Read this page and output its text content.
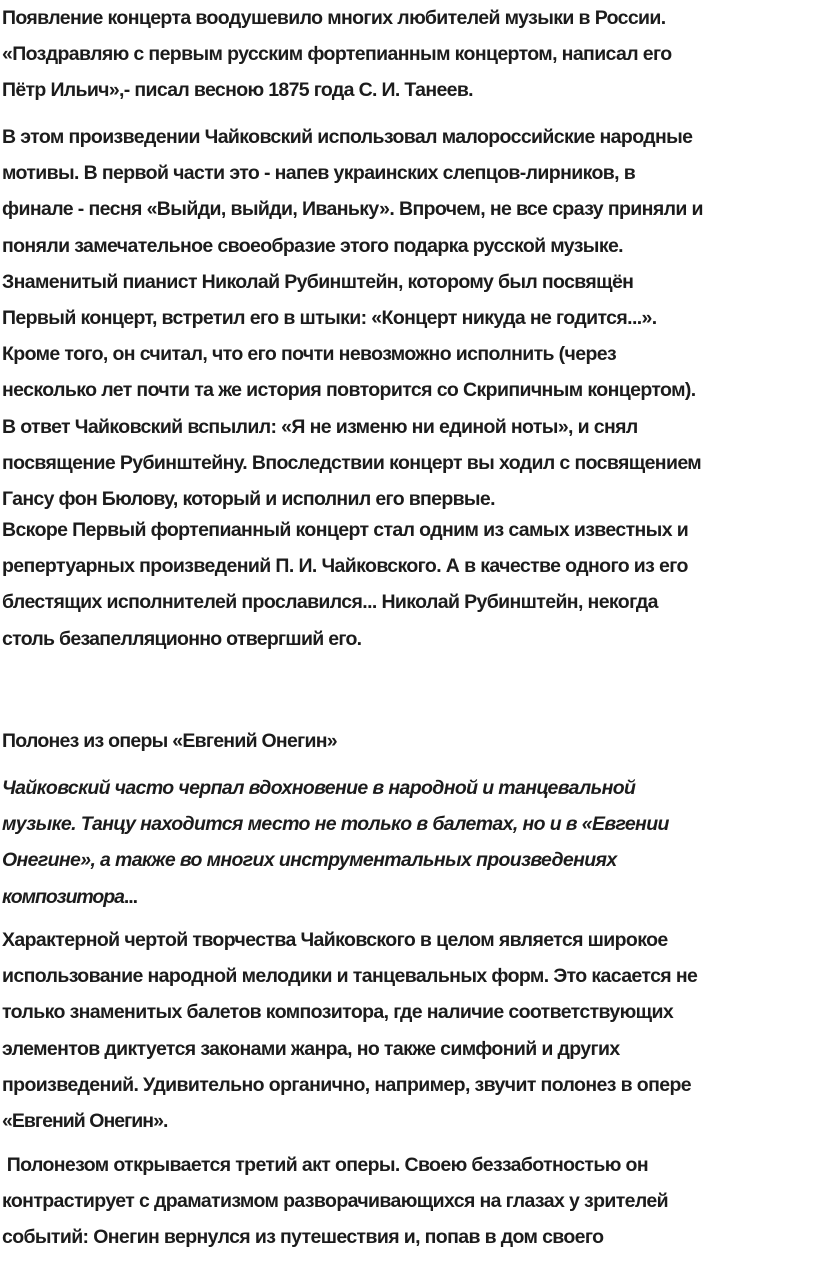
Появление концерта воодушевило многих любителей музыки в России.
«Поздравляю с первым русским фортепианным концертом, написал его
Пётр Ильич»,- писал весною 1875 года С. И. Танеев.

В этом произведении Чайковский использовал малороссийские народные
мотивы. В первой части это - напев украинских слепцов-лирников, в
финале - песня «Выйди, выйди, Иваньку». Впрочем, не все сразу приняли и
поняли замечательное своеобразие этого подарка русской музыке.
Знаменитый пианист Николай Рубинштейн, которому был посвящён
Первый концерт, встретил его в штыки: «Концерт никуда не годится...».
Кроме того, он считал, что его почти невозможно исполнить (через
несколько лет почти та же история повторится со Скрипичным концертом).
В ответ Чайковский вспылил: «Я не изменю ни единой ноты», и снял
посвящение Рубинштейну. Впоследствии концерт вы ходил с посвящением
Гансу фон Бюлову, который и исполнил его впервые.

Вскоре Первый фортепианный концерт стал одним из самых известных и
репертуарных произведений П. И. Чайковского. А в качестве одного из его
блестящих исполнителей прославился... Николай Рубинштейн, некогда
столь безапелляционно отвергший его.

Полонез из оперы «Евгений Онегин»

Чайковский часто черпал вдохновение в народной и танцевальной
музыке. Танцу находится место не только в балетах, но и в «Евгении
Онегине», а также во многих инструментальных произведениях
композитора...

Характерной чертой творчества Чайковского в целом является широкое
использование народной мелодики и танцевальных форм. Это касается не
только знаменитых балетов композитора, где наличие соответствующих
элементов диктуется законами жанра, но также симфоний и других
произведений. Удивительно органично, например, звучит полонез в опере
«Евгений Онегин».

Полонезом открывается третий акт оперы. Своею беззаботностью он
контрастирует с драматизмом разворачивающихся на глазах у зрителей
событий: Онегин вернулся из путешествия и, попав в дом своего
